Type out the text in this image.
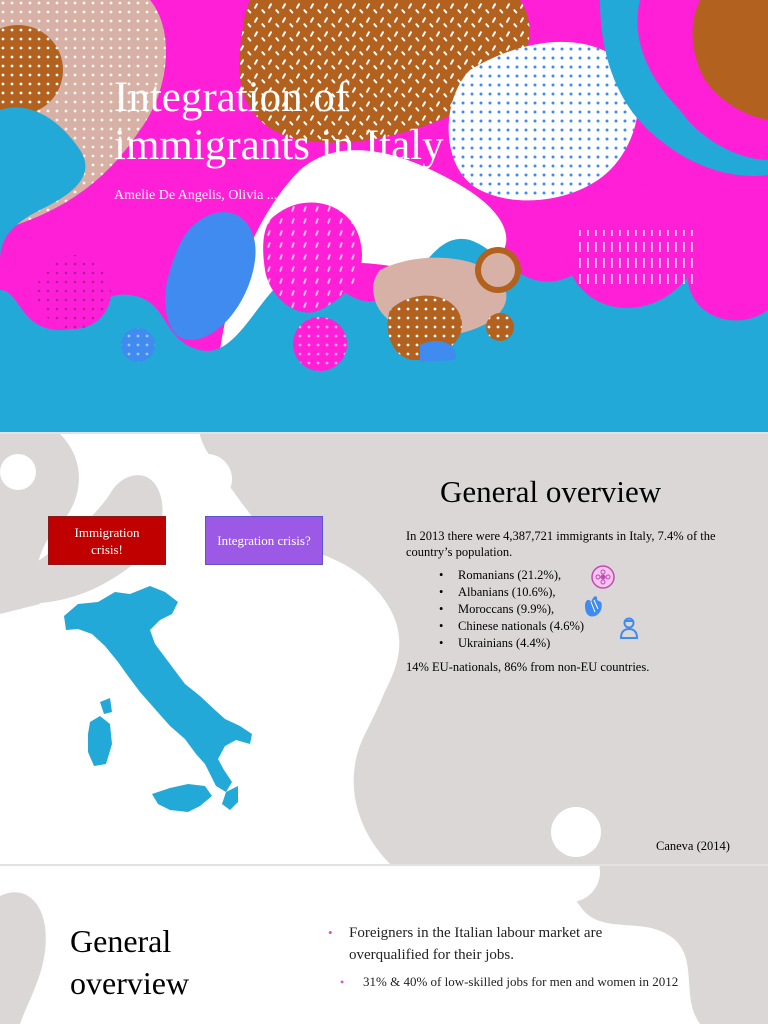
Integration of
immigrants in Italy
Amelie De Angelis, Olivia ... Austin Jack
Immigration crisis!
Integration crisis?
General overview
In 2013 there were 4,387,721 immigrants in Italy, 7.4% of the country’s population.
• Romanians (21.2%),
• Albanians (10.6%),
• Moroccans (9.9%),
• Chinese nationals (4.6%)
• Ukrainians (4.4%)
14% EU-nationals, 86% from non-EU countries.
Caneva (2014)
General
overview
• Foreigners in the Italian labour market are overqualified for their jobs.
• 31% & 40% of low-skilled jobs for men and women in 2012
